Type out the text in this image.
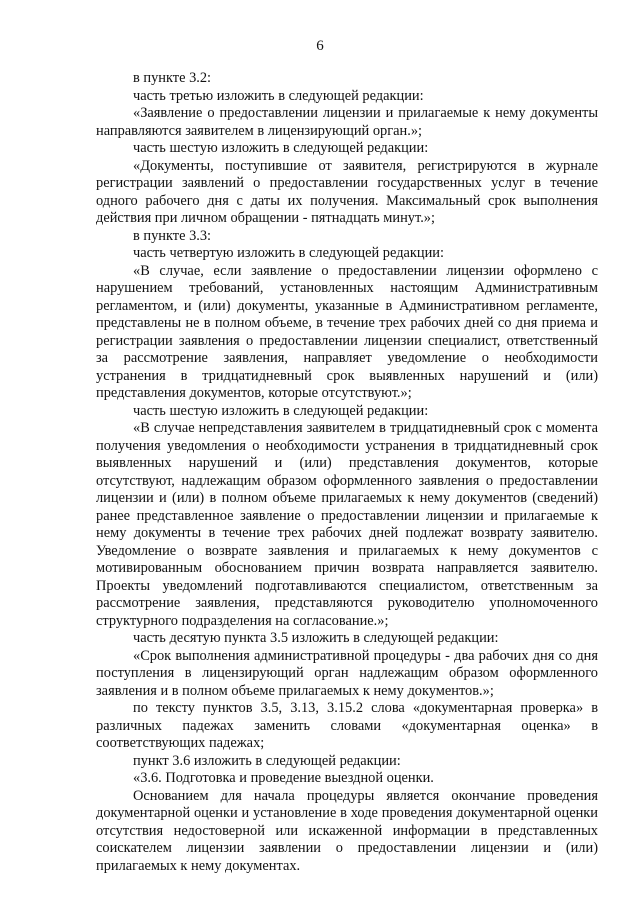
6

в пункте 3.2:

часть третью изложить в следующей редакции:

«Заявление о предоставлении лицензии и прилагаемые к нему документы направляются заявителем в лицензирующий орган.»;

часть шестую изложить в следующей редакции:

«Документы, поступившие от заявителя, регистрируются в журнале регистрации заявлений о предоставлении государственных услуг в течение одного рабочего дня с даты их получения. Максимальный срок выполнения действия при личном обращении - пятнадцать минут.»;

в пункте 3.3:

часть четвертую изложить в следующей редакции:

«В случае, если заявление о предоставлении лицензии оформлено с нарушением требований, установленных настоящим Административным регламентом, и (или) документы, указанные в Административном регламенте, представлены не в полном объеме, в течение трех рабочих дней со дня приема и регистрации заявления о предоставлении лицензии специалист, ответственный за рассмотрение заявления, направляет уведомление о необходимости устранения в тридцатидневный срок выявленных нарушений и (или) представления документов, которые отсутствуют.»;

часть шестую изложить в следующей редакции:

«В случае непредставления заявителем в тридцатидневный срок с момента получения уведомления о необходимости устранения в тридцатидневный срок выявленных нарушений и (или) представления документов, которые отсутствуют, надлежащим образом оформленного заявления о предоставлении лицензии и (или) в полном объеме прилагаемых к нему документов (сведений) ранее представленное заявление о предоставлении лицензии и прилагаемые к нему документы в течение трех рабочих дней подлежат возврату заявителю. Уведомление о возврате заявления и прилагаемых к нему документов с мотивированным обоснованием причин возврата направляется заявителю. Проекты уведомлений подготавливаются специалистом, ответственным за рассмотрение заявления, представляются руководителю уполномоченного структурного подразделения на согласование.»;

часть десятую пункта 3.5 изложить в следующей редакции:

«Срок выполнения административной процедуры - два рабочих дня со дня поступления в лицензирующий орган надлежащим образом оформленного заявления и в полном объеме прилагаемых к нему документов.»;

по тексту пунктов 3.5, 3.13, 3.15.2 слова «документарная проверка» в различных падежах заменить словами «документарная оценка» в соответствующих падежах;

пункт 3.6 изложить в следующей редакции:

«3.6. Подготовка и проведение выездной оценки.

Основанием для начала процедуры является окончание проведения документарной оценки и установление в ходе проведения документарной оценки отсутствия недостоверной или искаженной информации в представленных соискателем лицензии заявлении о предоставлении лицензии и (или) прилагаемых к нему документах.
